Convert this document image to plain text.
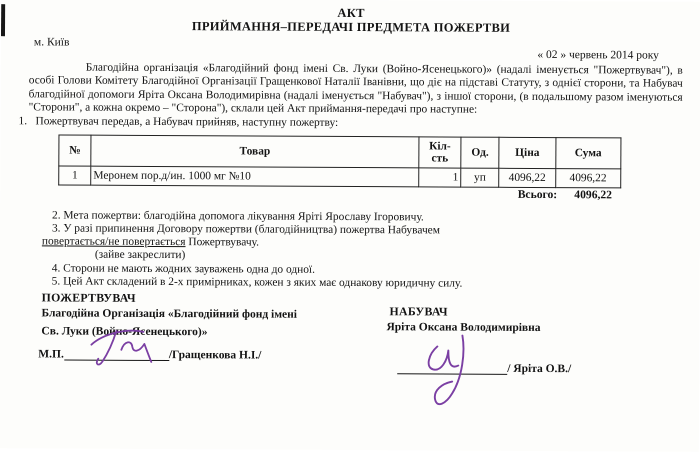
АКТ
ПРИЙМАННЯ–ПЕРЕДАЧІ ПРЕДМЕТА ПОЖЕРТВИ
м. Київ
« 02 » червень 2014 року
Благодійна організація «Благодійний фонд імені Св. Луки (Войно-Ясенецького)» (надалі іменується "Пожертвувач"), в особі Голови Комітету Благодійної Організації Гращенкової Наталії Іванівни, що діє на підставі Статуту, з однієї сторони, та Набувач благодійної допомоги Яріта Оксана Володимирівна (надалі іменується "Набувач"), з іншої сторони, (в подальшому разом іменуються "Сторони", а кожна окремо – "Сторона"), склали цей Акт приймання-передачі про наступне:
1. Пожертвувач передав, а Набувач прийняв, наступну пожертву:
№	Товар	Кіл-сть	Од.	Ціна	Сума
1	Меронем пор.д/ин. 1000 мг №10	1	уп	4096,22	4096,22
Всього:	4096,22
2. Мета пожертви: благодійна допомога лікування Яріті Ярославу Ігоровичу.
3. У разі припинення Договору пожертви (благодійництва) пожертва Набувачем
повертається/не повертається Пожертвувачу.
(зайве закреслити)
4. Сторони не мають жодних зауважень одна до одної.
5. Цей Акт складений в 2-х примірниках, кожен з яких має однакову юридичну силу.
ПОЖЕРТВУВАЧ
НАБУВАЧ
Благодійна Організація «Благодійний фонд імені
Св. Луки (Войно-Ясенецького)»	Яріта Оксана Володимирівна
М.П.	/Гращенкова Н.І./
/ Яріта О.В./
